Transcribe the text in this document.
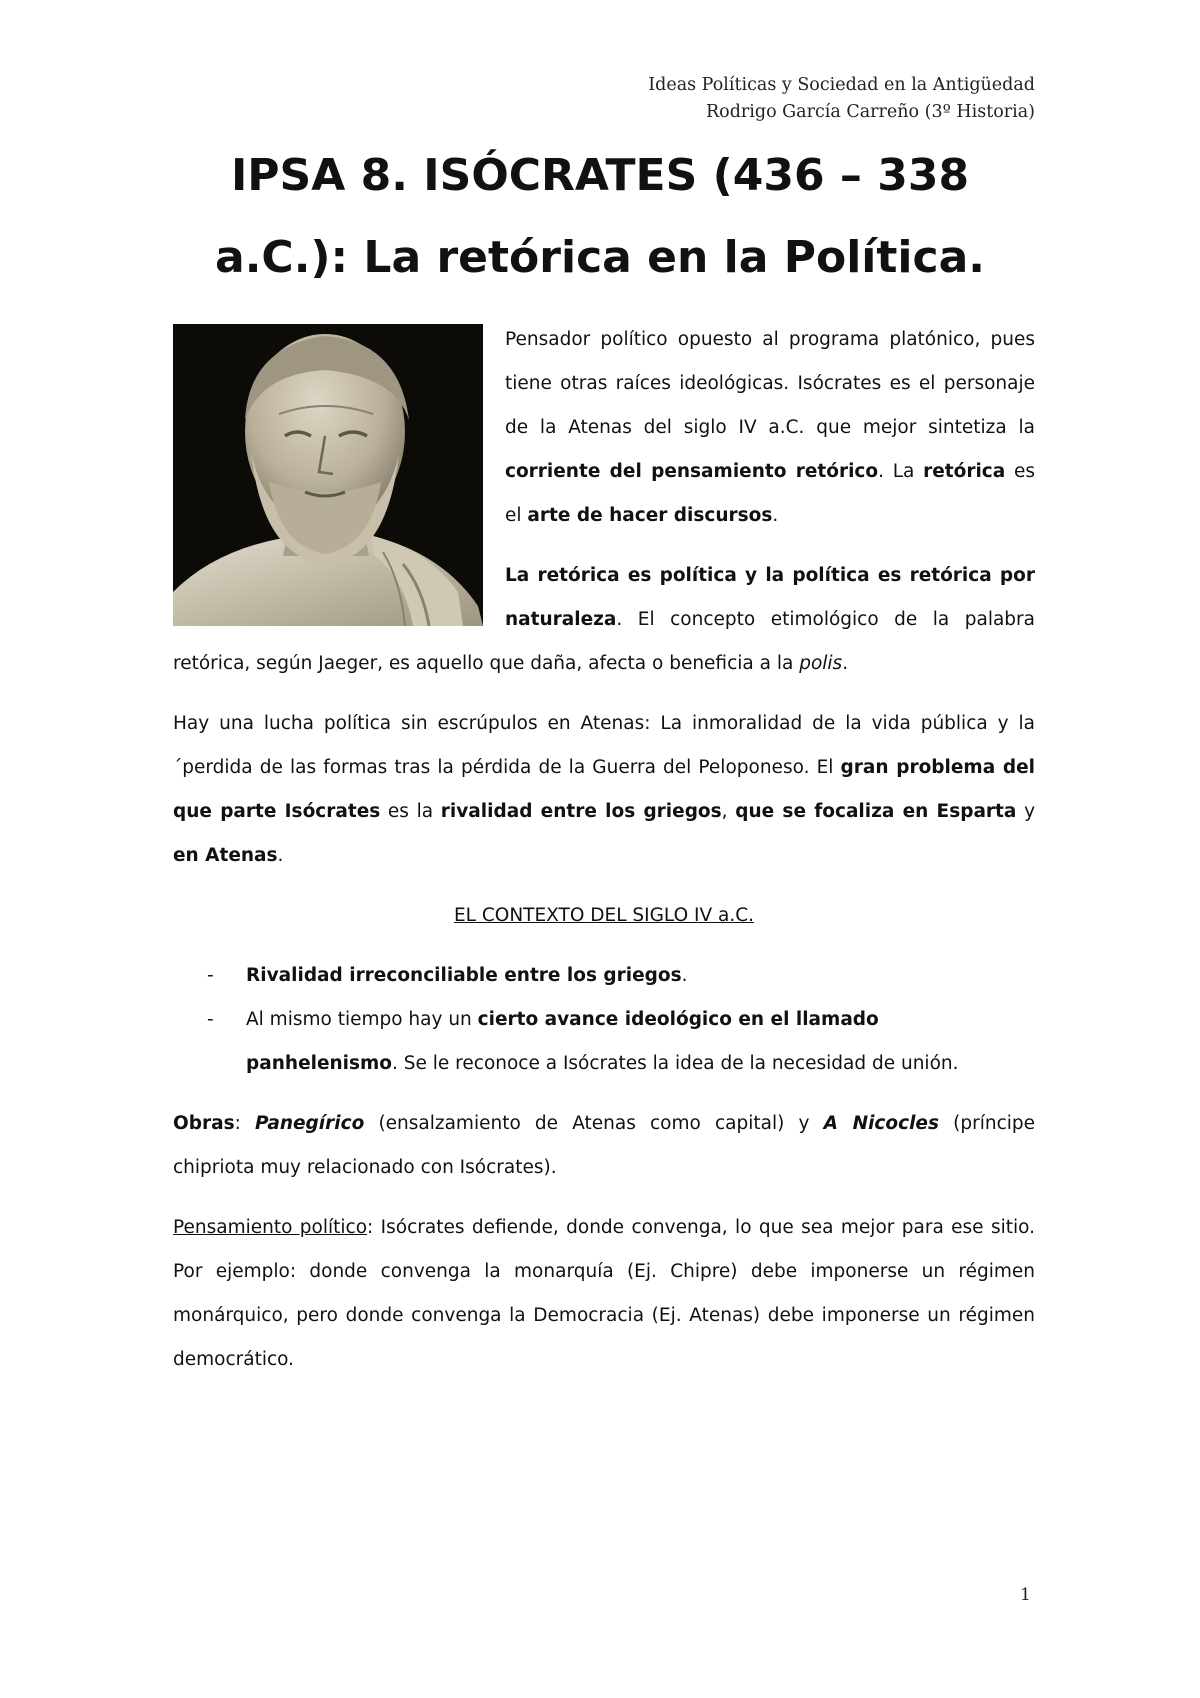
Ideas Políticas y Sociedad en la Antigüedad
Rodrigo García Carreño (3º Historia)
IPSA 8. ISÓCRATES (436 – 338
a.C.): La retórica en la Política.

Pensador político opuesto al programa platónico, pues tiene otras raíces ideológicas. Isócrates es el personaje de la Atenas del siglo IV a.C. que mejor sintetiza la corriente del pensamiento retórico. La retórica es el arte de hacer discursos.

La retórica es política y la política es retórica por naturaleza. El concepto etimológico de la palabra retórica, según Jaeger, es aquello que daña, afecta o beneficia a la polis.

Hay una lucha política sin escrúpulos en Atenas: La inmoralidad de la vida pública y la ´perdida de las formas tras la pérdida de la Guerra del Peloponeso. El gran problema del que parte Isócrates es la rivalidad entre los griegos, que se focaliza en Esparta y en Atenas.

EL CONTEXTO DEL SIGLO IV a.C.

- Rivalidad irreconciliable entre los griegos.
- Al mismo tiempo hay un cierto avance ideológico en el llamado panhelenismo. Se le reconoce a Isócrates la idea de la necesidad de unión.

Obras: Panegírico (ensalzamiento de Atenas como capital) y A Nicocles (príncipe chipriota muy relacionado con Isócrates).

Pensamiento político: Isócrates defiende, donde convenga, lo que sea mejor para ese sitio. Por ejemplo: donde convenga la monarquía (Ej. Chipre) debe imponerse un régimen monárquico, pero donde convenga la Democracia (Ej. Atenas) debe imponerse un régimen democrático.

1
